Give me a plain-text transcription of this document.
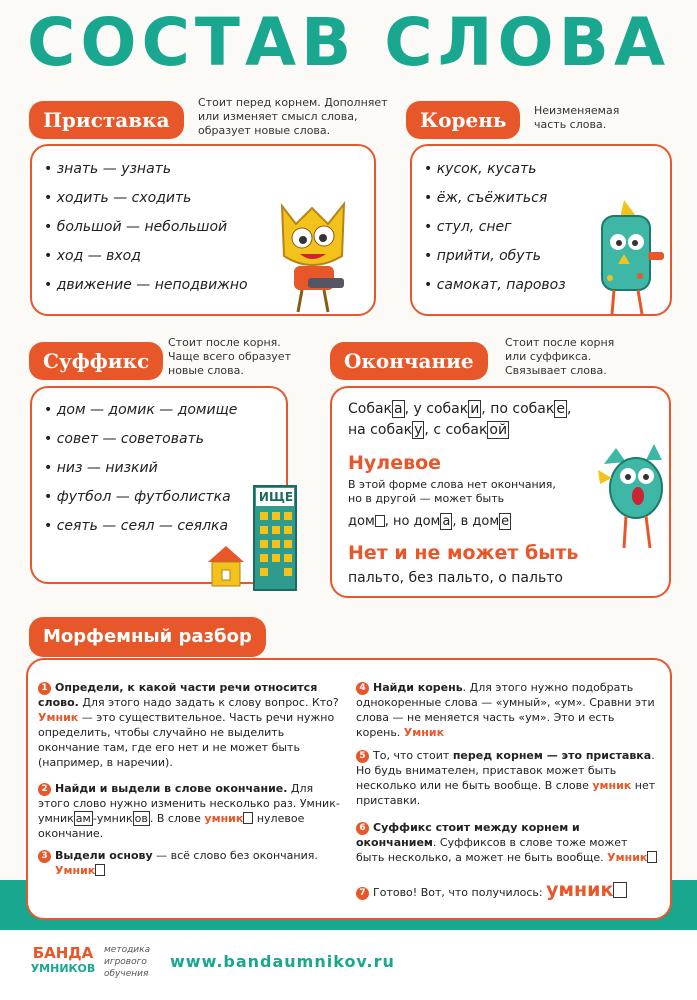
СОСТАВ СЛОВА
Приставка
Стоит перед корнем. Дополняет или изменяет смысл слова, образует новые слова.
• знать — узнать
• ходить — сходить
• большой — небольшой
• ход — вход
• движение — неподвижно
Корень	Неизменяемая часть слова.
• кусок, кусать
• ёж, съёжиться
• стул, снег
• прийти, обуть
• самокат, паровоз
Суффикс
Стоит после корня. Чаще всего образует новые слова.
• дом — домик — домище
• совет — советовать
• низ — низкий
• футбол — футболистка
• сеять — сеял — сеялка
ИЩЕ
Окончание
Стоит после корня или суффикса. Связывает слова.
Собак а , у собак и , по собак е ,
на собак у , с собак ой
Нулевое
В этой форме слова нет окончания, но в другой — может быть
дом , но дом а , в дом е
Нет и не может быть
пальто, без пальто, о пальто
Морфемный разбор
1 Определи, к какой части речи относится слово. Для этого надо задать к слову вопрос. Кто? Умник — это существительное. Часть речи нужно определить, чтобы случайно не выделить окончание там, где его нет и не может быть (например, в наречии).
2 Найди и выдели в слове окончание. Для этого слово нужно изменить несколько раз. Умник-умник ам -умник ов . В слове умник нулевое окончание.
3 Выдели основу — всё слово без окончания.
Умник
4 Найди корень. Для этого нужно подобрать однокоренные слова — «умный», «ум». Сравни эти слова — не меняется часть «ум». Это и есть корень. Умник
5 То, что стоит перед корнем — это приставка. Но будь внимателен, приставок может быть несколько или не быть вообще. В слове умник нет приставки.
6 Суффикс стоит между корнем и окончанием. Суффиксов в слове тоже может быть несколько, а может не быть вообще. Умник
7 Готово! Вот, что получилось: умник
БАНДА
УМНИКОВ
методика игрового обучения
www.bandaumnikov.ru
